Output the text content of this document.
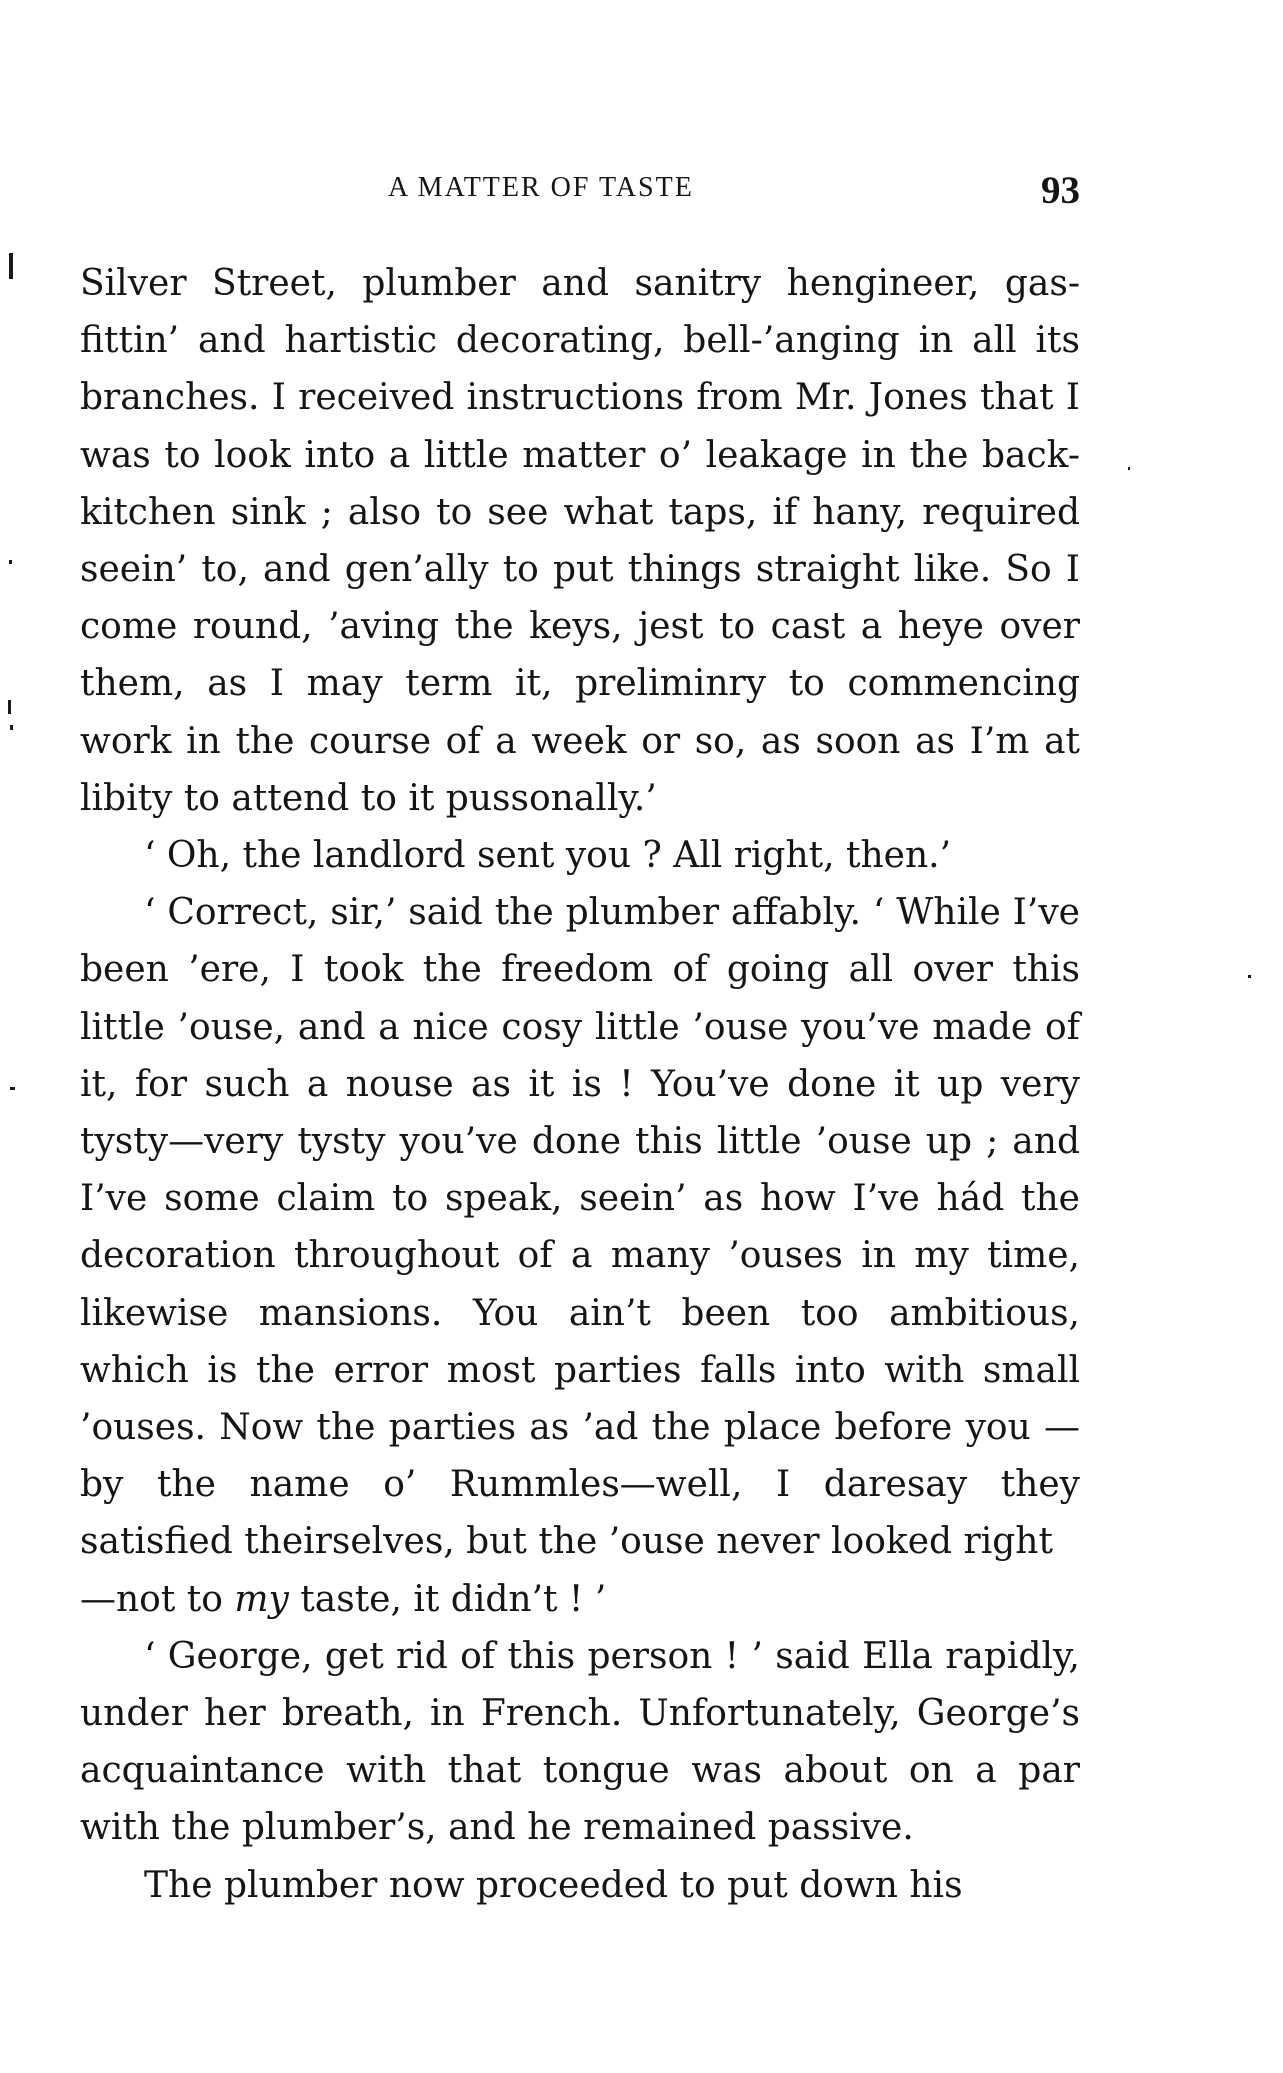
A MATTER OF TASTE	93

Silver Street, plumber and sanitry hengineer, gas-fittin’ and hartistic decorating, bell-’anging in all its branches. I received instructions from Mr. Jones that I was to look into a little matter o’ leakage in the back-kitchen sink ; also to see what taps, if hany, required seein’ to, and gen’ally to put things straight like. So I come round, ’aving the keys, jest to cast a heye over them, as I may term it, preliminry to commencing work in the course of a week or so, as soon as I’m at libity to attend to it pussonally.’

‘ Oh, the landlord sent you ? All right, then.’

‘ Correct, sir,’ said the plumber affably. ‘ While I’ve been ’ere, I took the freedom of going all over this little ’ouse, and a nice cosy little ’ouse you’ve made of it, for such a nouse as it is ! You’ve done it up very tysty—very tysty you’ve done this little ’ouse up ; and I’ve some claim to speak, seein’ as how I’ve hád the decoration throughout of a many ’ouses in my time, likewise mansions. You ain’t been too ambitious, which is the error most parties falls into with small ’ouses. Now the parties as ’ad the place before you —by the name o’ Rummles—well, I daresay they satisfied theirselves, but the ’ouse never looked right
—not to my taste, it didn’t ! ’

‘ George, get rid of this person ! ’ said Ella rapidly, under her breath, in French. Unfortunately, George’s acquaintance with that tongue was about on a par with the plumber’s, and he remained passive.

The plumber now proceeded to put down his
